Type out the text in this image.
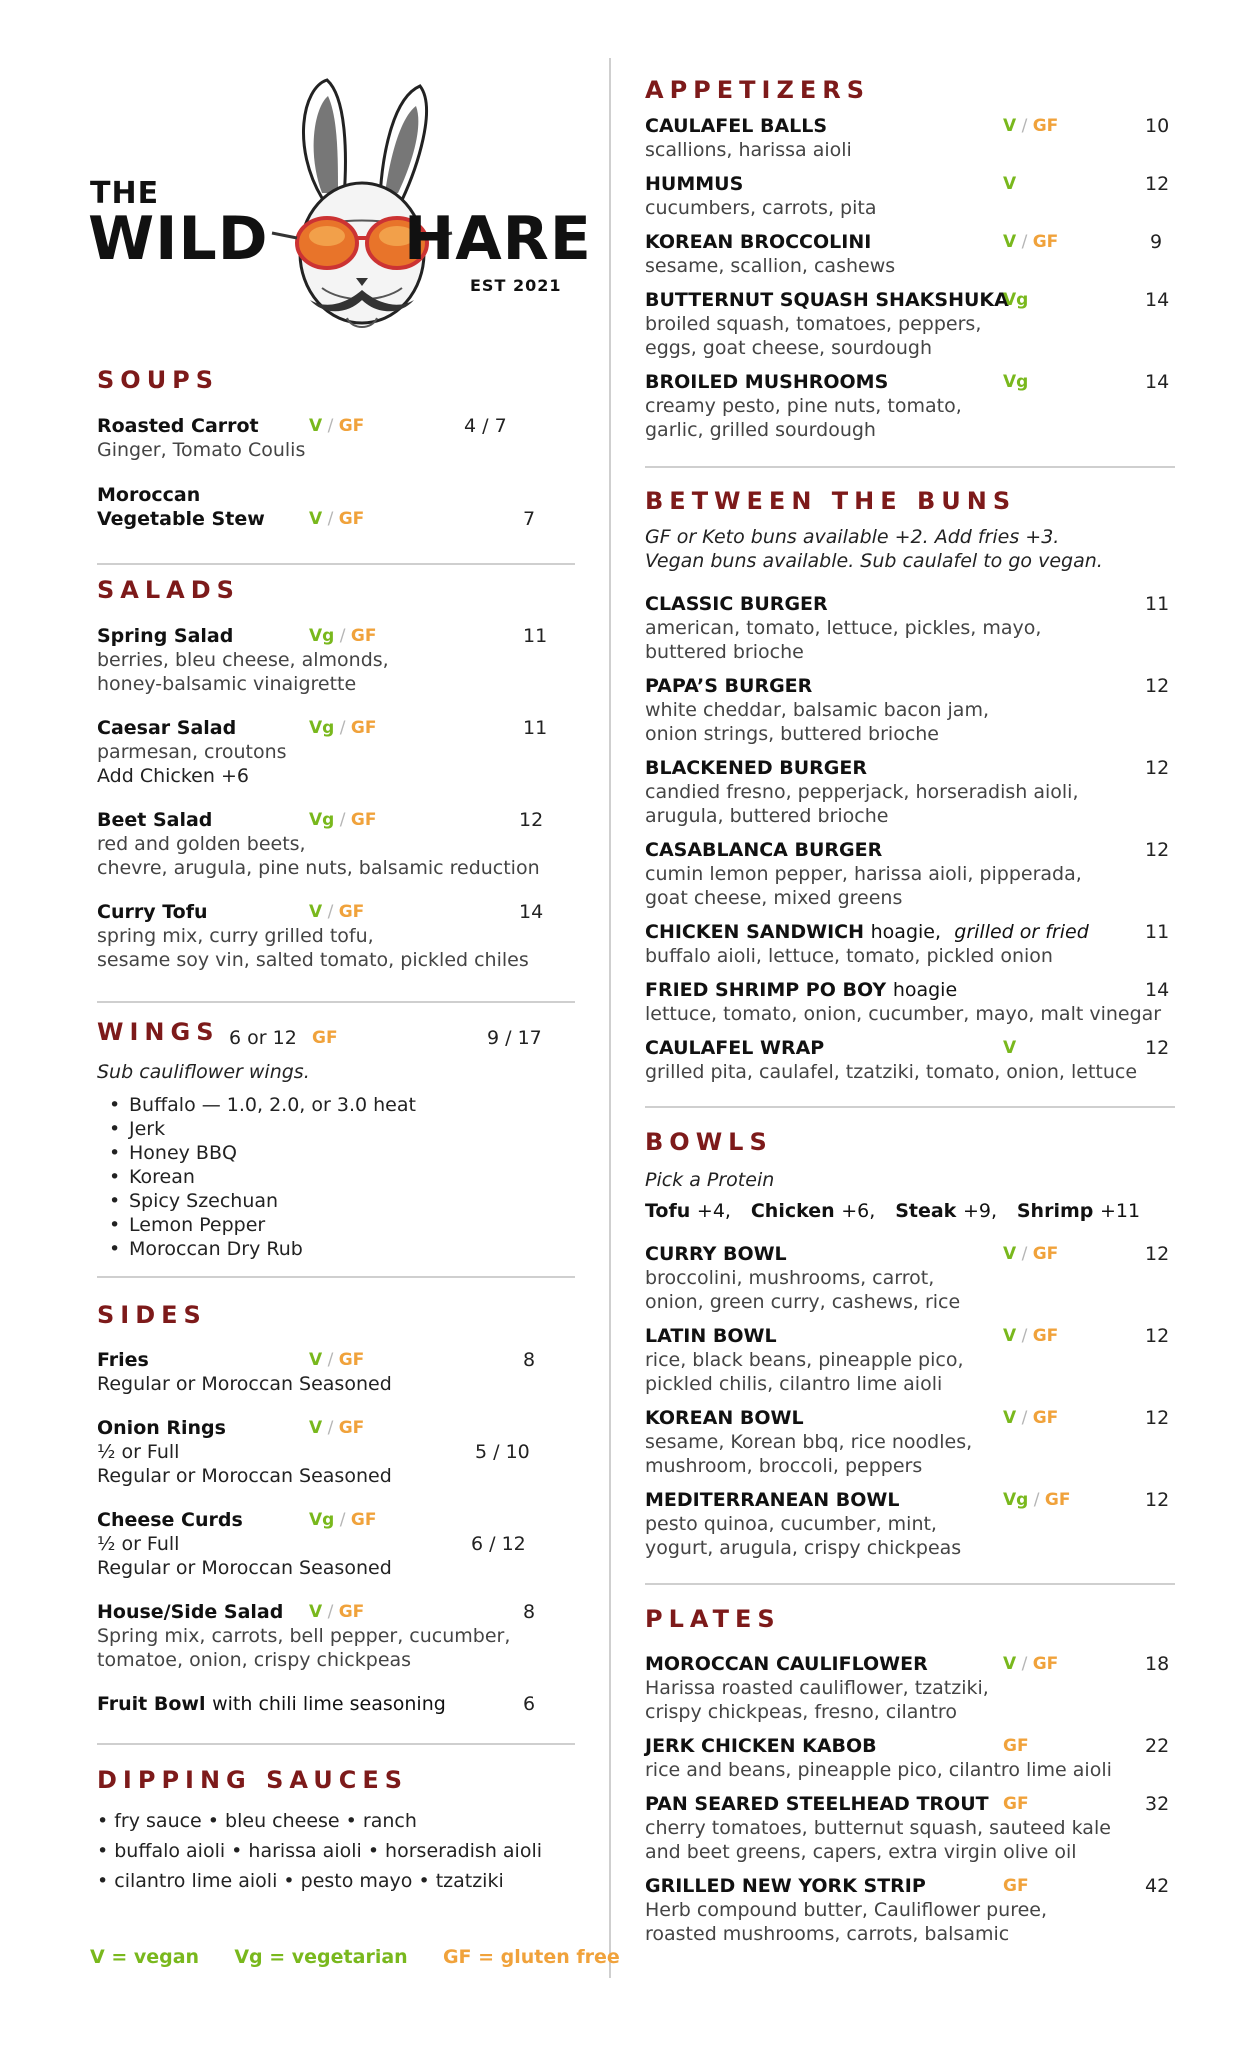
THE
WILD HARE
EST 2021
SOUPS
Roasted Carrot
Ginger, Tomato Coulis
V / GF	4 / 7
Moroccan
Vegetable Stew	V / GF	7
SALADS
Spring Salad
berries, bleu cheese, almonds,
honey-balsamic vinaigrette
Vg / GF	11
Caesar Salad
parmesan, croutons
Add Chicken +6
Vg / GF	11
Beet Salad
red and golden beets,
chevre, arugula, pine nuts, balsamic reduction
Vg / GF	12
Curry Tofu
spring mix, curry grilled tofu,
sesame soy vin, salted tomato, pickled chiles
V / GF	14
WINGS 6 or 12 GF	9 / 17
Sub cauliflower wings.
• Buffalo — 1.0, 2.0, or 3.0 heat
• Jerk
• Honey BBQ
• Korean
• Spicy Szechuan
• Lemon Pepper
• Moroccan Dry Rub
SIDES
Fries
Regular or Moroccan Seasoned
V / GF	8
Onion Rings
½ or Full
Regular or Moroccan Seasoned
V / GF
5 / 10
Cheese Curds
½ or Full
Regular or Moroccan Seasoned
Vg / GF
6 / 12
House/Side Salad
Spring mix, carrots, bell pepper, cucumber,
tomatoe, onion, crispy chickpeas
V / GF	8
Fruit Bowl with chili lime seasoning	6
DIPPING SAUCES
• fry sauce • bleu cheese • ranch
• buffalo aioli • harissa aioli • horseradish aioli
• cilantro lime aioli • pesto mayo • tzatziki
V = vegan Vg = vegetarian GF = gluten free
APPETIZERS
CAULAFEL BALLS
scallions, harissa aioli
V / GF	10
HUMMUS
cucumbers, carrots, pita
V	12
KOREAN BROCCOLINI
sesame, scallion, cashews
V / GF	9
BUTTERNUT SQUASH SHAKSHUKA
broiled squash, tomatoes, peppers,
eggs, goat cheese, sourdough
Vg	14
BROILED MUSHROOMS
creamy pesto, pine nuts, tomato,
garlic, grilled sourdough
Vg	14
BETWEEN THE BUNS
GF or Keto buns available +2. Add fries +3.
Vegan buns available. Sub caulafel to go vegan.
CLASSIC BURGER
american, tomato, lettuce, pickles, mayo,
buttered brioche
11
PAPA’S BURGER
white cheddar, balsamic bacon jam,
onion strings, buttered brioche
12
BLACKENED BURGER
candied fresno, pepperjack, horseradish aioli,
arugula, buttered brioche
12
CASABLANCA BURGER
cumin lemon pepper, harissa aioli, pipperada,
goat cheese, mixed greens
12
CHICKEN SANDWICH hoagie, grilled or fried
buffalo aioli, lettuce, tomato, pickled onion
11
FRIED SHRIMP PO BOY hoagie
lettuce, tomato, onion, cucumber, mayo, malt vinegar
14
CAULAFEL WRAP
grilled pita, caulafel, tzatziki, tomato, onion, lettuce
V	12
BOWLS
Pick a Protein
Tofu +4, Chicken +6, Steak +9, Shrimp +11
CURRY BOWL
broccolini, mushrooms, carrot,
onion, green curry, cashews, rice
V / GF	12
LATIN BOWL
rice, black beans, pineapple pico,
pickled chilis, cilantro lime aioli
V / GF	12
KOREAN BOWL
sesame, Korean bbq, rice noodles,
mushroom, broccoli, peppers
V / GF	12
MEDITERRANEAN BOWL
pesto quinoa, cucumber, mint,
yogurt, arugula, crispy chickpeas
Vg / GF	12
PLATES
MOROCCAN CAULIFLOWER
Harissa roasted cauliflower, tzatziki,
crispy chickpeas, fresno, cilantro
V / GF	18
JERK CHICKEN KABOB
rice and beans, pineapple pico, cilantro lime aioli
GF	22
PAN SEARED STEELHEAD TROUT
cherry tomatoes, butternut squash, sauteed kale
and beet greens, capers, extra virgin olive oil
GF	32
GRILLED NEW YORK STRIP
Herb compound butter, Cauliflower puree,
roasted mushrooms, carrots, balsamic
GF	42
